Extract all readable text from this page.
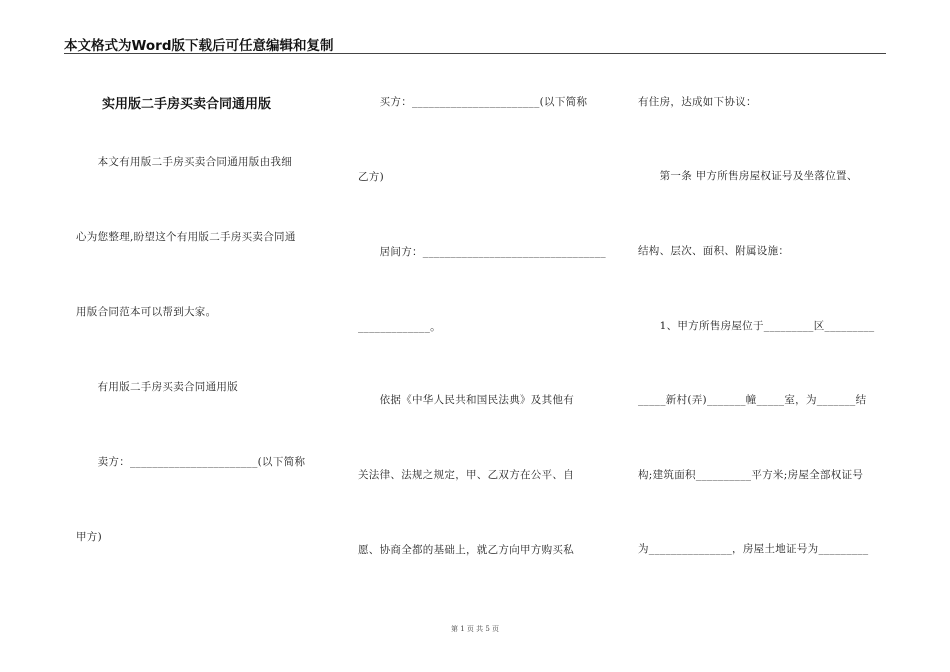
本文格式为Word版下载后可任意编辑和复制
　　实用版二手房买卖合同通用版
　　本文有用版二手房买卖合同通用版由我细
心为您整理,盼望这个有用版二手房买卖合同通
用版合同范本可以帮到大家。
　　有用版二手房买卖合同通用版
　　卖方：_______________________(以下简称
甲方)
　　买方：_______________________(以下简称
乙方)
　　居间方：_________________________________
_____________。
　　依据《中华人民共和国民法典》及其他有
关法律、法规之规定，甲、乙双方在公平、自
愿、协商全都的基础上，就乙方向甲方购买私
有住房，达成如下协议：
　　第一条 甲方所售房屋权证号及坐落位置、
结构、层次、面积、附属设施：
　　1、甲方所售房屋位于_________区_________
_____新村(弄)_______幢_____室，为_______结
构;建筑面积__________平方米;房屋全部权证号
为_______________，房屋土地证号为_________
第 1 页 共 5 页
